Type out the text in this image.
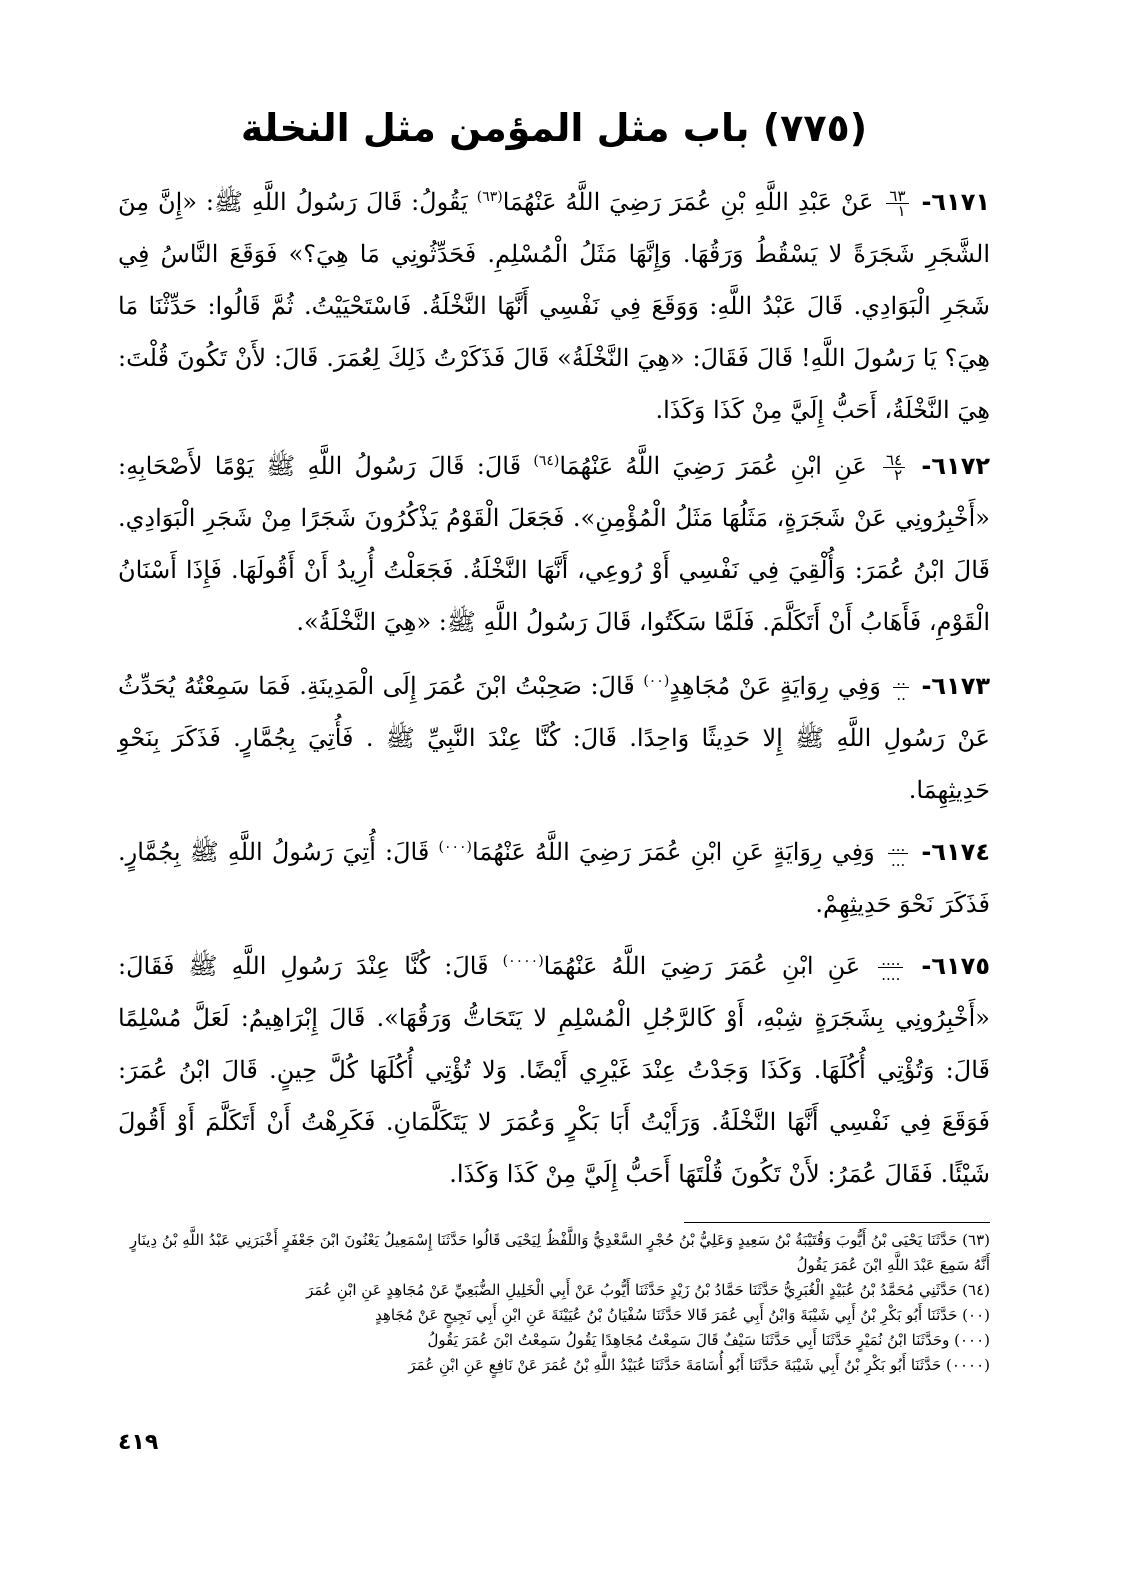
(٧٧٥) باب مثل المؤمن مثل النخلة

٦١٧١-
$\frac{٦٣}{١}$
عَنْ عَبْدِ اللَّهِ بْنِ عُمَرَ رَضِيَ اللَّهُ عَنْهُمَا$^{(٦٣)}$ يَقُولُ: قَالَ رَسُولُ اللَّهِ ﷺ: «إِنَّ مِنَ الشَّجَرِ شَجَرَةً لا يَسْقُطُ وَرَقُهَا. وَإِنَّهَا مَثَلُ الْمُسْلِمِ. فَحَدِّثُونِي مَا هِيَ؟» فَوَقَعَ النَّاسُ فِي شَجَرِ الْبَوَادِي. قَالَ عَبْدُ اللَّهِ: وَوَقَعَ فِي نَفْسِي أَنَّهَا النَّخْلَةُ. فَاسْتَحْيَيْتُ. ثُمَّ قَالُوا: حَدِّثْنَا مَا هِيَ؟ يَا رَسُولَ اللَّهِ! قَالَ فَقَالَ: «هِيَ النَّخْلَةُ» قَالَ فَذَكَرْتُ ذَلِكَ لِعُمَرَ. قَالَ: لأَنْ تَكُونَ قُلْتَ: هِيَ النَّخْلَةُ، أَحَبُّ إِلَيَّ مِنْ كَذَا وَكَذَا.

٦١٧٢-
$\frac{٦٤}{٢}$
عَنِ ابْنِ عُمَرَ رَضِيَ اللَّهُ عَنْهُمَا$^{(٦٤)}$ قَالَ: قَالَ رَسُولُ اللَّهِ ﷺ يَوْمًا لأَصْحَابِهِ: «أَخْبِرُونِي عَنْ شَجَرَةٍ، مَثَلُهَا مَثَلُ الْمُؤْمِنِ». فَجَعَلَ الْقَوْمُ يَذْكُرُونَ شَجَرًا مِنْ شَجَرِ الْبَوَادِي. قَالَ ابْنُ عُمَرَ: وَأُلْقِيَ فِي نَفْسِي أَوْ رُوعِي، أَنَّهَا النَّخْلَةُ. فَجَعَلْتُ أُرِيدُ أَنْ أَقُولَهَا. فَإِذَا أَسْنَانُ الْقَوْمِ، فَأَهَابُ أَنْ أَتَكَلَّمَ. فَلَمَّا سَكَتُوا، قَالَ رَسُولُ اللَّهِ ﷺ: «هِيَ النَّخْلَةُ».

٦١٧٣-
$\frac{..}{..}$
وَفِي رِوَايَةٍ عَنْ مُجَاهِدٍ$^{(٠٠)}$ قَالَ: صَحِبْتُ ابْنَ عُمَرَ إِلَى الْمَدِينَةِ. فَمَا سَمِعْتُهُ يُحَدِّثُ عَنْ رَسُولِ اللَّهِ ﷺ إِلا حَدِيثًا وَاحِدًا. قَالَ: كُنَّا عِنْدَ النَّبِيِّ ﷺ . فَأُتِيَ بِجُمَّارٍ. فَذَكَرَ بِنَحْوِ حَدِيثِهِمَا.

٦١٧٤-
$\frac{...}{...}$
وَفِي رِوَايَةٍ عَنِ ابْنِ عُمَرَ رَضِيَ اللَّهُ عَنْهُمَا$^{(٠٠٠)}$ قَالَ: أُتِيَ رَسُولُ اللَّهِ ﷺ بِجُمَّارٍ. فَذَكَرَ نَحْوَ حَدِيثِهِمْ.

٦١٧٥-
$\frac{....}{....}$
عَنِ ابْنِ عُمَرَ رَضِيَ اللَّهُ عَنْهُمَا$^{(٠٠٠٠)}$ قَالَ: كُنَّا عِنْدَ رَسُولِ اللَّهِ ﷺ فَقَالَ: «أَخْبِرُونِي بِشَجَرَةٍ شِبْهِ، أَوْ كَالرَّجُلِ الْمُسْلِمِ لا يَتَحَاتُّ وَرَقُهَا». قَالَ إِبْرَاهِيمُ: لَعَلَّ مُسْلِمًا قَالَ: وَتُؤْتِي أُكُلَهَا. وَكَذَا وَجَدْتُ عِنْدَ غَيْرِي أَيْضًا. وَلا تُؤْتِي أُكُلَهَا كُلَّ حِينٍ. قَالَ ابْنُ عُمَرَ: فَوَقَعَ فِي نَفْسِي أَنَّهَا النَّخْلَةُ. وَرَأَيْتُ أَبَا بَكْرٍ وَعُمَرَ لا يَتَكَلَّمَانِ. فَكَرِهْتُ أَنْ أَتَكَلَّمَ أَوْ أَقُولَ شَيْئًا. فَقَالَ عُمَرُ: لأَنْ تَكُونَ قُلْتَهَا أَحَبُّ إِلَيَّ مِنْ كَذَا وَكَذَا.

(٦٣) حَدَّثَنَا يَحْيَى بْنُ أَيُّوبَ وَقُتَيْبَةُ بْنُ سَعِيدٍ وَعَلِيُّ بْنُ حُجْرٍ السَّعْدِيُّ وَاللَّفْظُ لِيَحْيَى قَالُوا حَدَّثَنَا إِسْمَعِيلُ يَعْنُونَ ابْنَ جَعْفَرٍ أَخْبَرَنِي عَبْدُ اللَّهِ بْنُ دِينَارٍ أَنَّهُ سَمِعَ عَبْدَ اللَّهِ ابْنَ عُمَرَ يَقُولُ
(٦٤) حَدَّثَنِي مُحَمَّدُ بْنُ عُبَيْدٍ الْغُبَرِيُّ حَدَّثَنَا حَمَّادُ بْنُ زَيْدٍ حَدَّثَنَا أَيُّوبُ عَنْ أَبِي الْخَلِيلِ الضُّبَعِيِّ عَنْ مُجَاهِدٍ عَنِ ابْنِ عُمَرَ
(٠٠) حَدَّثَنَا أَبُو بَكْرِ بْنُ أَبِي شَيْبَةَ وَابْنُ أَبِي عُمَرَ قَالا حَدَّثَنَا سُفْيَانُ بْنُ عُيَيْنَةَ عَنِ ابْنِ أَبِي نَجِيحٍ عَنْ مُجَاهِدٍ
(٠٠٠) وحَدَّثَنَا ابْنُ نُمَيْرٍ حَدَّثَنَا أَبِي حَدَّثَنَا سَيْفٌ قَالَ سَمِعْتُ مُجَاهِدًا يَقُولُ سَمِعْتُ ابْنَ عُمَرَ يَقُولُ
(٠٠٠٠) حَدَّثَنَا أَبُو بَكْرِ بْنُ أَبِي شَيْبَةَ حَدَّثَنَا أَبُو أُسَامَةَ حَدَّثَنَا عُبَيْدُ اللَّهِ بْنُ عُمَرَ عَنْ نَافِعٍ عَنِ ابْنِ عُمَرَ
٤١٩
